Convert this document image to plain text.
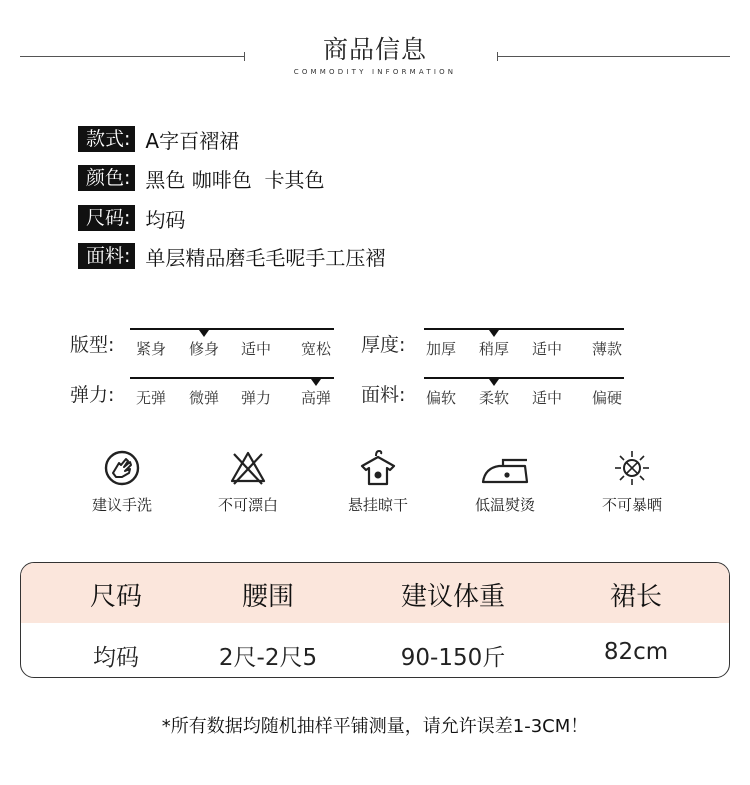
商品信息
COMMODITY INFORMATION
款式: A字百褶裙
颜色: 黑色 咖啡色  卡其色
尺码: 均码
面料: 单层精品磨毛毛呢手工压褶
版型: 紧身 修身 适中 宽松 厚度: 加厚 稍厚 适中 薄款
弹力: 无弹 微弹 弹力 高弹 面料: 偏软 柔软 适中 偏硬
建议手洗	不可漂白	悬挂晾干	低温熨烫	不可暴晒
尺码	腰围	建议体重	裙长
均码	2尺-2尺5	90-150斤	82cm
*所有数据均随机抽样平铺测量，请允许误差1-3CM！
